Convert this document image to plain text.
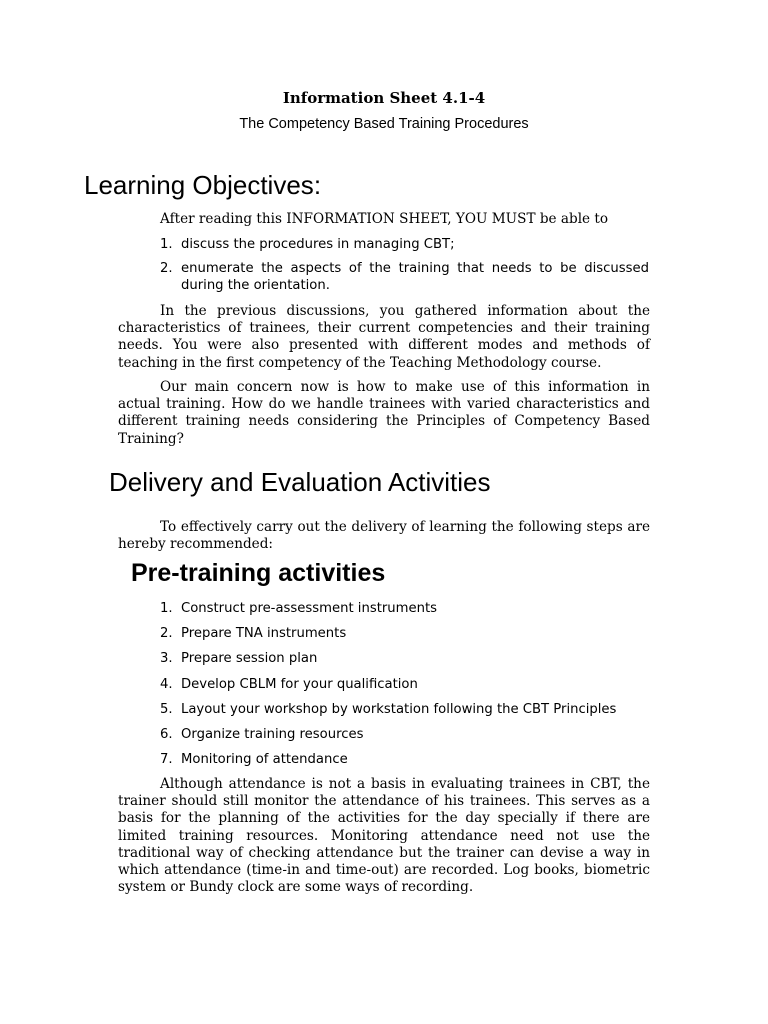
Information Sheet 4.1-4
The Competency Based Training Procedures
Learning Objectives:
After reading this INFORMATION SHEET, YOU MUST be able to
1. discuss the procedures in managing CBT;
2. enumerate the aspects of the training that needs to be discussed during the orientation.
In the previous discussions, you gathered information about the characteristics of trainees, their current competencies and their training needs. You were also presented with different modes and methods of teaching in the first competency of the Teaching Methodology course.
Our main concern now is how to make use of this information in actual training. How do we handle trainees with varied characteristics and different training needs considering the Principles of Competency Based Training?
Delivery and Evaluation Activities
To effectively carry out the delivery of learning the following steps are hereby recommended:
Pre-training activities
1. Construct pre-assessment instruments
2. Prepare TNA instruments
3. Prepare session plan
4. Develop CBLM for your qualification
5. Layout your workshop by workstation following the CBT Principles
6. Organize training resources
7. Monitoring of attendance
Although attendance is not a basis in evaluating trainees in CBT, the trainer should still monitor the attendance of his trainees. This serves as a basis for the planning of the activities for the day specially if there are limited training resources. Monitoring attendance need not use the traditional way of checking attendance but the trainer can devise a way in which attendance (time-in and time-out) are recorded. Log books, biometric system or Bundy clock are some ways of recording.
